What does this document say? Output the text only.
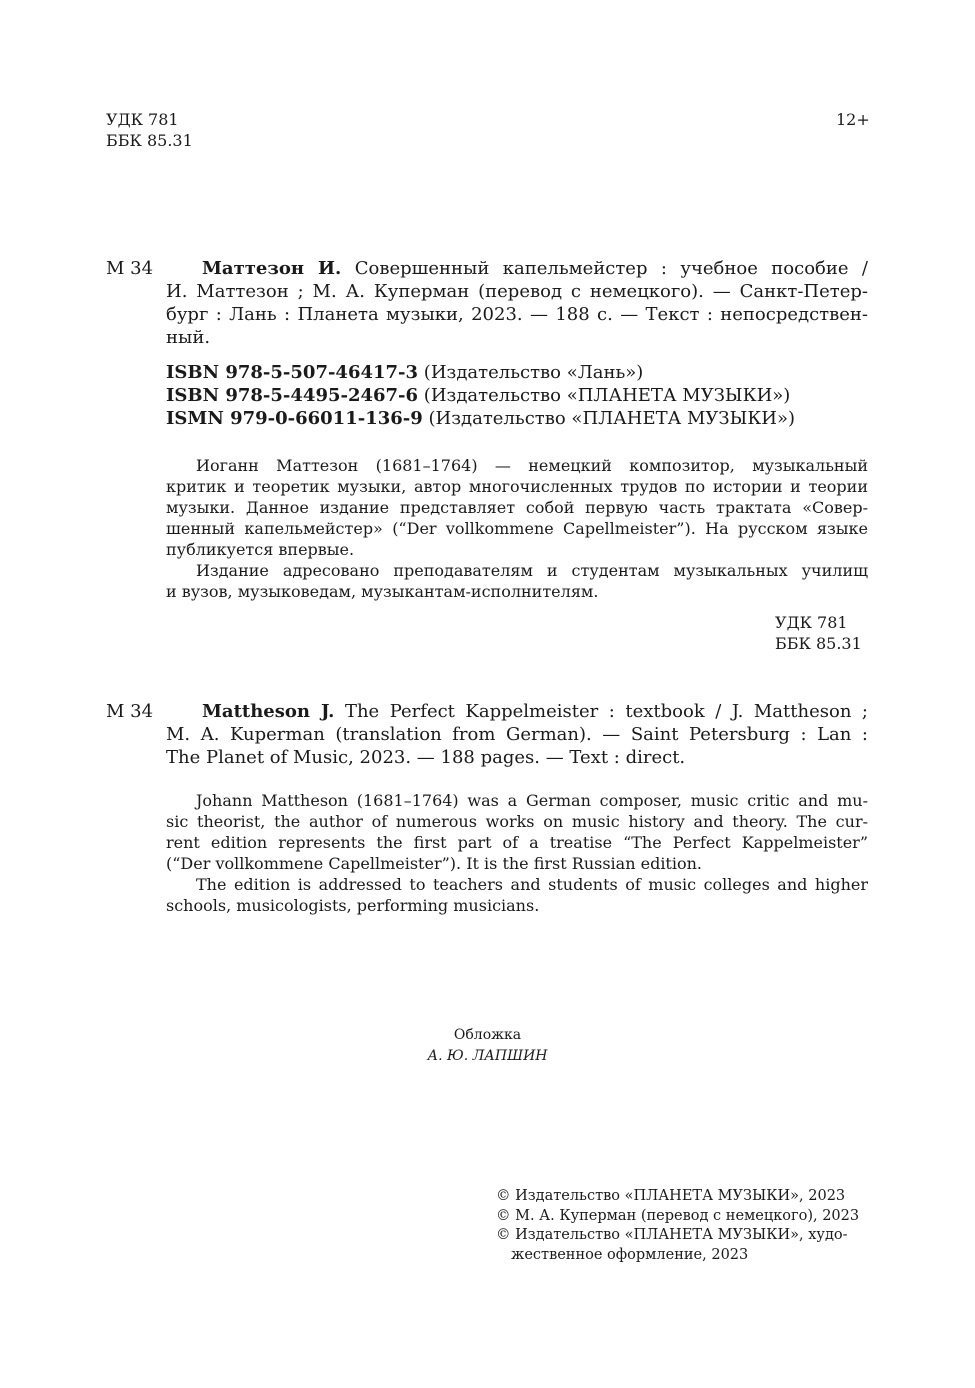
УДК 781
ББК 85.31
12+
М 34	Маттезон И. Совершенный капельмейстер : учебное пособие /
И. Маттезон ; М. А. Куперман (перевод с немецкого). — Санкт-Петер-
бург : Лань : Планета музыки, 2023. — 188 с. — Текст : непосредствен-
ный.
ISBN 978-5-507-46417-3 (Издательство «Лань»)
ISBN 978-5-4495-2467-6 (Издательство «ПЛАНЕТА МУЗЫКИ»)
ISMN 979-0-66011-136-9 (Издательство «ПЛАНЕТА МУЗЫКИ»)
Иоганн Маттезон (1681–1764) — немецкий композитор, музыкальный
критик и теоретик музыки, автор многочисленных трудов по истории и теории
музыки. Данное издание представляет собой первую часть трактата «Совер-
шенный капельмейстер» (“Der vollkommene Capellmeister”). На русском языке
публикуется впервые.
Издание адресовано преподавателям и студентам музыкальных училищ
и вузов, музыковедам, музыкантам-исполнителям.
УДК 781
ББК 85.31
М 34	Mattheson J. The Perfect Kappelmeister : textbook / J. Mattheson ;
M. A. Kuperman (translation from German). — Saint Petersburg : Lan :
The Planet of Music, 2023. — 188 pages. — Text : direct.
Johann Mattheson (1681–1764) was a German composer, music critic and mu-
sic theorist, the author of numerous works on music history and theory. The cur-
rent edition represents the first part of a treatise “The Perfect Kappelmeister”
(“Der vollkommene Capellmeister”). It is the first Russian edition.
The edition is addressed to teachers and students of music colleges and higher
schools, musicologists, performing musicians.
Обложка
А. Ю. ЛАПШИН
© Издательство «ПЛАНЕТА МУЗЫКИ», 2023
© М. А. Куперман (перевод с немецкого), 2023
© Издательство «ПЛАНЕТА МУЗЫКИ», худо-
жественное оформление, 2023
